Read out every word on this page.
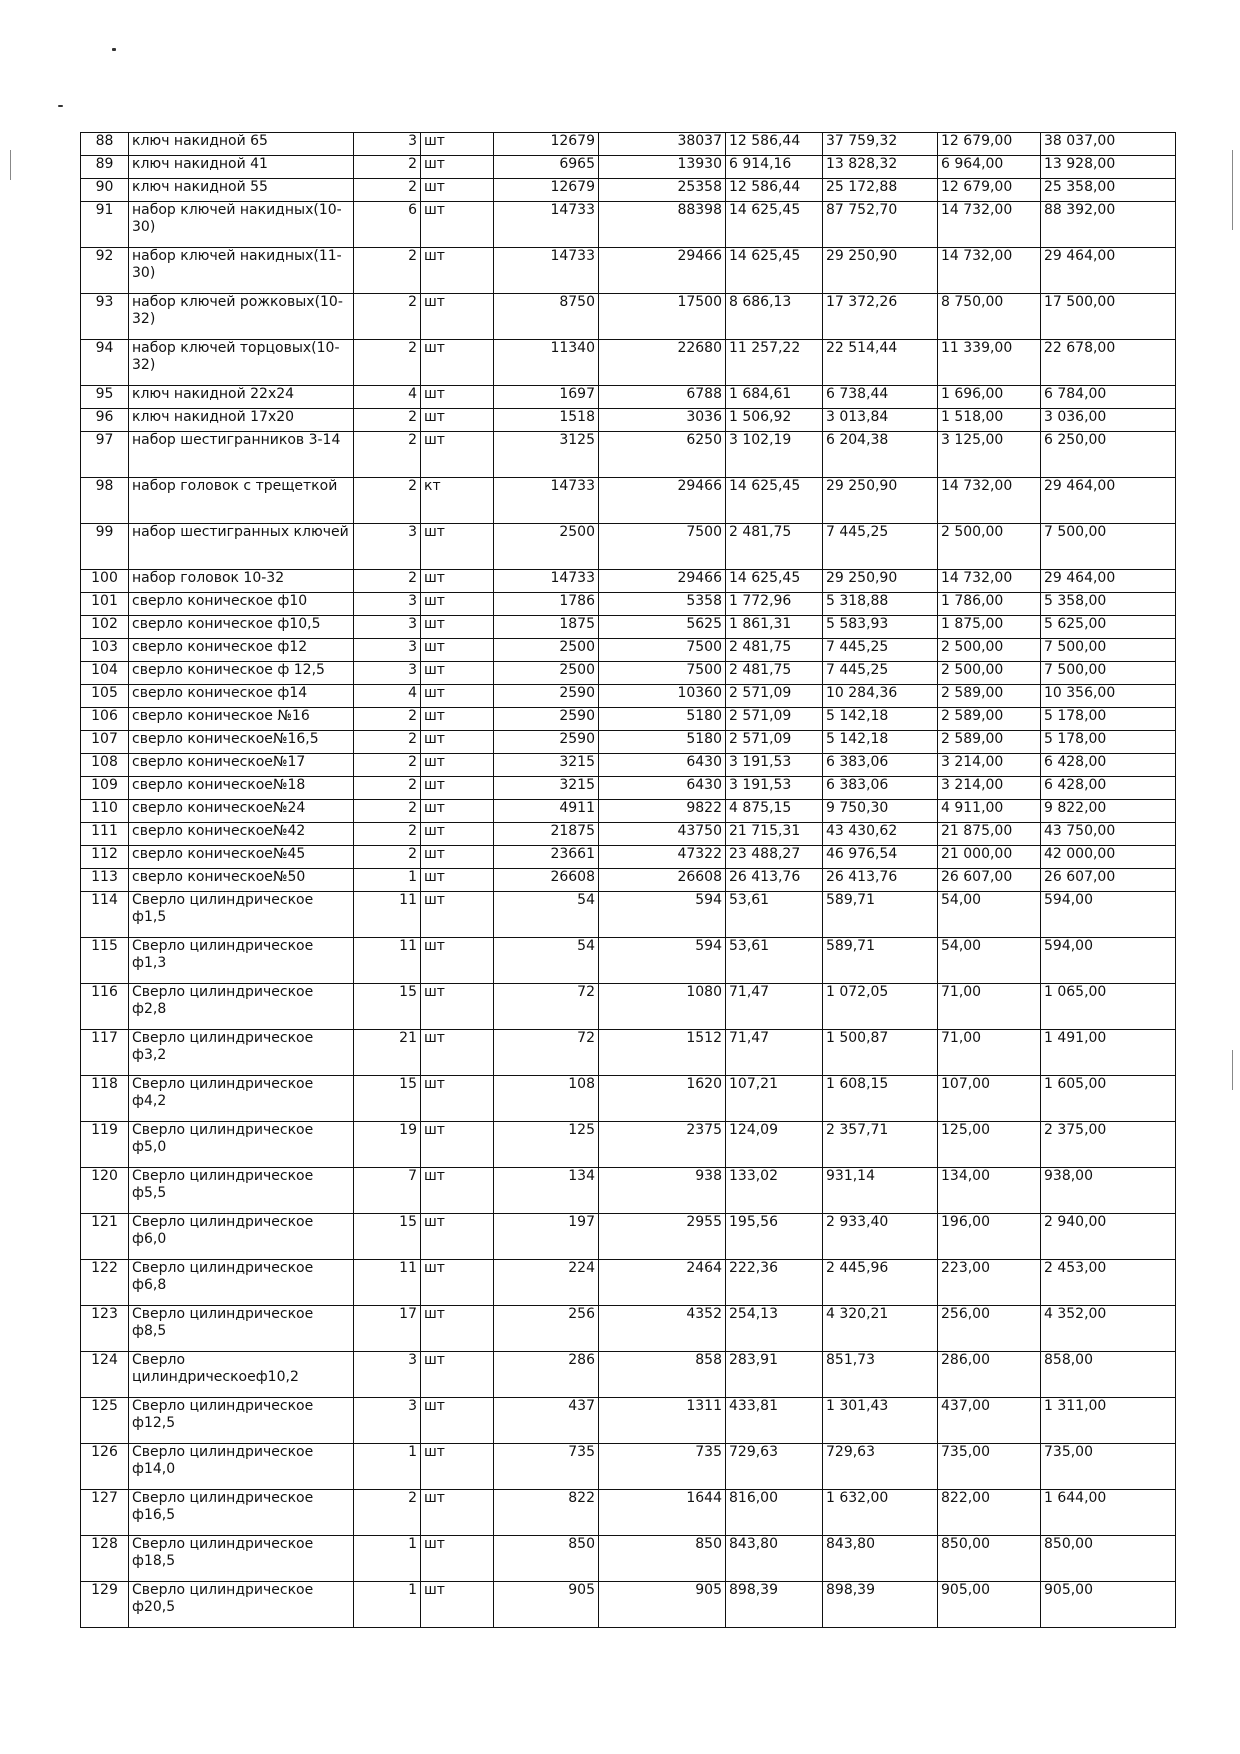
88	ключ накидной 65	3	шт	12679	38037	12 586,44	37 759,32	12 679,00	38 037,00
89	ключ накидной 41	2	шт	6965	13930	6 914,16	13 828,32	6 964,00	13 928,00
90	ключ накидной 55	2	шт	12679	25358	12 586,44	25 172,88	12 679,00	25 358,00
91	набор ключей накидных(10-30)	6	шт	14733	88398	14 625,45	87 752,70	14 732,00	88 392,00
92	набор ключей накидных(11-30)	2	шт	14733	29466	14 625,45	29 250,90	14 732,00	29 464,00
93	набор ключей рожковых(10-32)	2	шт	8750	17500	8 686,13	17 372,26	8 750,00	17 500,00
94	набор ключей торцовых(10-32)	2	шт	11340	22680	11 257,22	22 514,44	11 339,00	22 678,00
95	ключ накидной 22х24	4	шт	1697	6788	1 684,61	6 738,44	1 696,00	6 784,00
96	ключ накидной 17х20	2	шт	1518	3036	1 506,92	3 013,84	1 518,00	3 036,00
97	набор шестигранников 3-14	2	шт	3125	6250	3 102,19	6 204,38	3 125,00	6 250,00
98	набор головок с трещеткой	2	кт	14733	29466	14 625,45	29 250,90	14 732,00	29 464,00
99	набор шестигранных ключей	3	шт	2500	7500	2 481,75	7 445,25	2 500,00	7 500,00
100	набор головок 10-32	2	шт	14733	29466	14 625,45	29 250,90	14 732,00	29 464,00
101	сверло коническое ф10	3	шт	1786	5358	1 772,96	5 318,88	1 786,00	5 358,00
102	сверло коническое ф10,5	3	шт	1875	5625	1 861,31	5 583,93	1 875,00	5 625,00
103	сверло коническое ф12	3	шт	2500	7500	2 481,75	7 445,25	2 500,00	7 500,00
104	сверло коническое ф 12,5	3	шт	2500	7500	2 481,75	7 445,25	2 500,00	7 500,00
105	сверло коническое ф14	4	шт	2590	10360	2 571,09	10 284,36	2 589,00	10 356,00
106	сверло коническое №16	2	шт	2590	5180	2 571,09	5 142,18	2 589,00	5 178,00
107	сверло коническое№16,5	2	шт	2590	5180	2 571,09	5 142,18	2 589,00	5 178,00
108	сверло коническое№17	2	шт	3215	6430	3 191,53	6 383,06	3 214,00	6 428,00
109	сверло коническое№18	2	шт	3215	6430	3 191,53	6 383,06	3 214,00	6 428,00
110	сверло коническое№24	2	шт	4911	9822	4 875,15	9 750,30	4 911,00	9 822,00
111	сверло коническое№42	2	шт	21875	43750	21 715,31	43 430,62	21 875,00	43 750,00
112	сверло коническое№45	2	шт	23661	47322	23 488,27	46 976,54	21 000,00	42 000,00
113	сверло коническое№50	1	шт	26608	26608	26 413,76	26 413,76	26 607,00	26 607,00
114	Сверло цилиндрическое ф1,5	11	шт	54	594	53,61	589,71	54,00	594,00
115	Сверло цилиндрическое ф1,3	11	шт	54	594	53,61	589,71	54,00	594,00
116	Сверло цилиндрическое ф2,8	15	шт	72	1080	71,47	1 072,05	71,00	1 065,00
117	Сверло цилиндрическое ф3,2	21	шт	72	1512	71,47	1 500,87	71,00	1 491,00
118	Сверло цилиндрическое ф4,2	15	шт	108	1620	107,21	1 608,15	107,00	1 605,00
119	Сверло цилиндрическое ф5,0	19	шт	125	2375	124,09	2 357,71	125,00	2 375,00
120	Сверло цилиндрическое ф5,5	7	шт	134	938	133,02	931,14	134,00	938,00
121	Сверло цилиндрическое ф6,0	15	шт	197	2955	195,56	2 933,40	196,00	2 940,00
122	Сверло цилиндрическое ф6,8	11	шт	224	2464	222,36	2 445,96	223,00	2 453,00
123	Сверло цилиндрическое ф8,5	17	шт	256	4352	254,13	4 320,21	256,00	4 352,00
124	Сверло цилиндрическоеф10,2	3	шт	286	858	283,91	851,73	286,00	858,00
125	Сверло цилиндрическое ф12,5	3	шт	437	1311	433,81	1 301,43	437,00	1 311,00
126	Сверло цилиндрическое ф14,0	1	шт	735	735	729,63	729,63	735,00	735,00
127	Сверло цилиндрическое ф16,5	2	шт	822	1644	816,00	1 632,00	822,00	1 644,00
128	Сверло цилиндрическое ф18,5	1	шт	850	850	843,80	843,80	850,00	850,00
129	Сверло цилиндрическое ф20,5	1	шт	905	905	898,39	898,39	905,00	905,00
